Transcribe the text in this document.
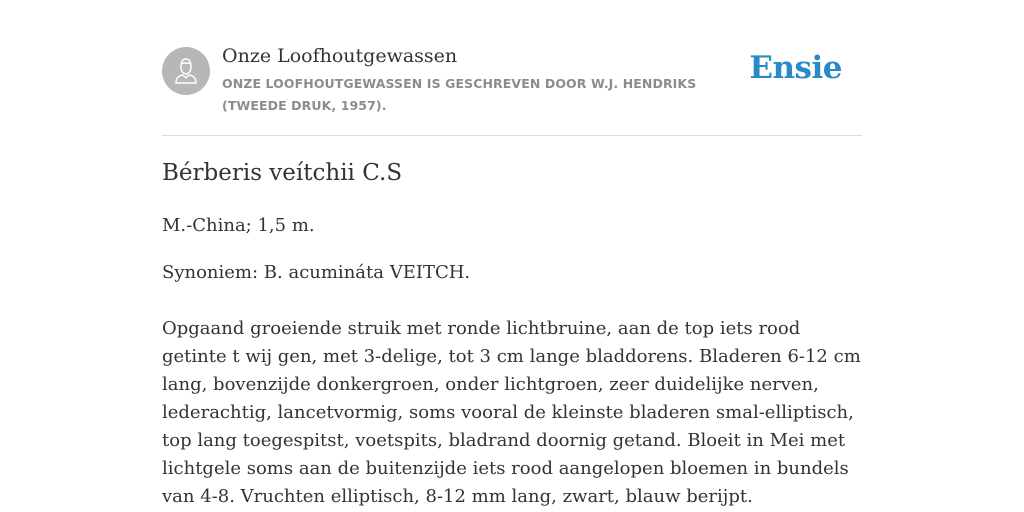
Onze Loofhoutgewassen
ONZE LOOFHOUTGEWASSEN IS GESCHREVEN DOOR W.J. HENDRIKS (TWEEDE DRUK, 1957).
Ensie
Bérberis veítchii C.S

M.-China; 1,5 m.

Synoniem: B. acumináta VEITCH.

Opgaand groeiende struik met ronde lichtbruine, aan de top iets rood getinte t wij gen, met 3-delige, tot 3 cm lange bladdorens. Bladeren 6-12 cm lang, bovenzijde donkergroen, onder lichtgroen, zeer duidelijke nerven, lederachtig, lancetvormig, soms vooral de kleinste bladeren smal-elliptisch, top lang toegespitst, voetspits, bladrand doornig getand. Bloeit in Mei met lichtgele soms aan de buitenzijde iets rood aangelopen bloemen in bundels van 4-8. Vruchten elliptisch, 8-12 mm lang, zwart, blauw berijpt.
